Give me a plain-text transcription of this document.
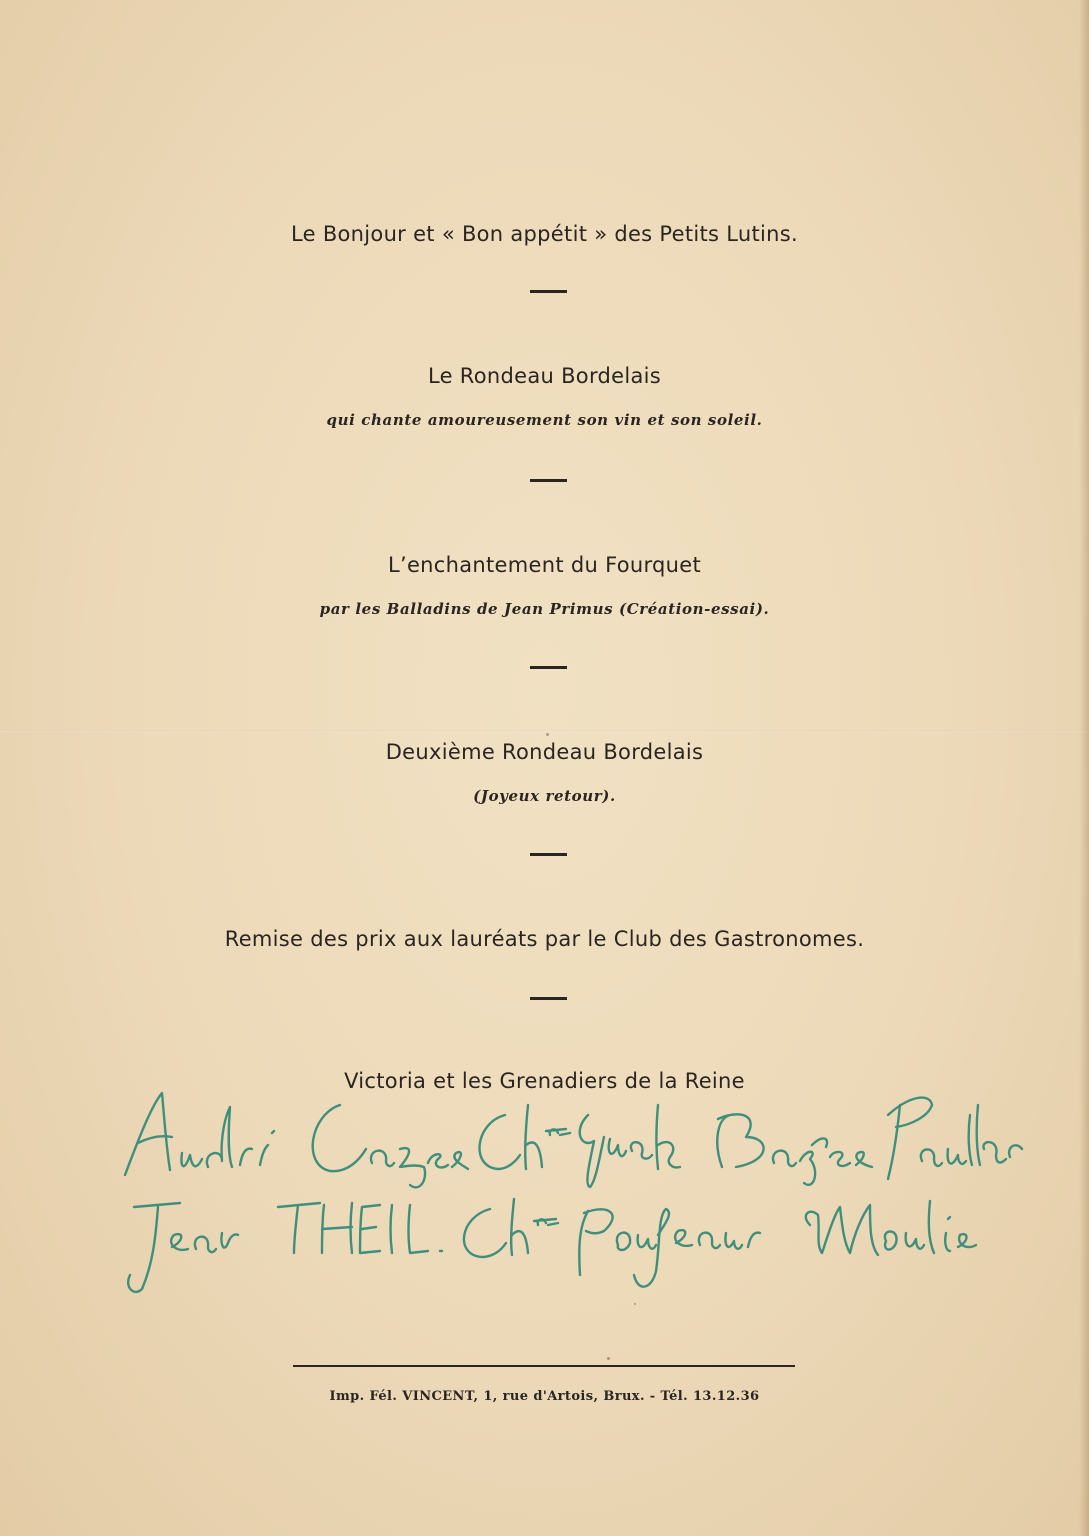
Le Bonjour et « Bon appétit » des Petits Lutins.
Le Rondeau Bordelais
qui chante amoureusement son vin et son soleil.
L’enchantement du Fourquet
par les Balladins de Jean Primus (Création-essai).
Deuxième Rondeau Bordelais
(Joyeux retour).
Remise des prix aux lauréats par le Club des Gastronomes.
Victoria et les Grenadiers de la Reine
Imp. Fél. VINCENT, 1, rue d'Artois, Brux. - Tél. 13.12.36
